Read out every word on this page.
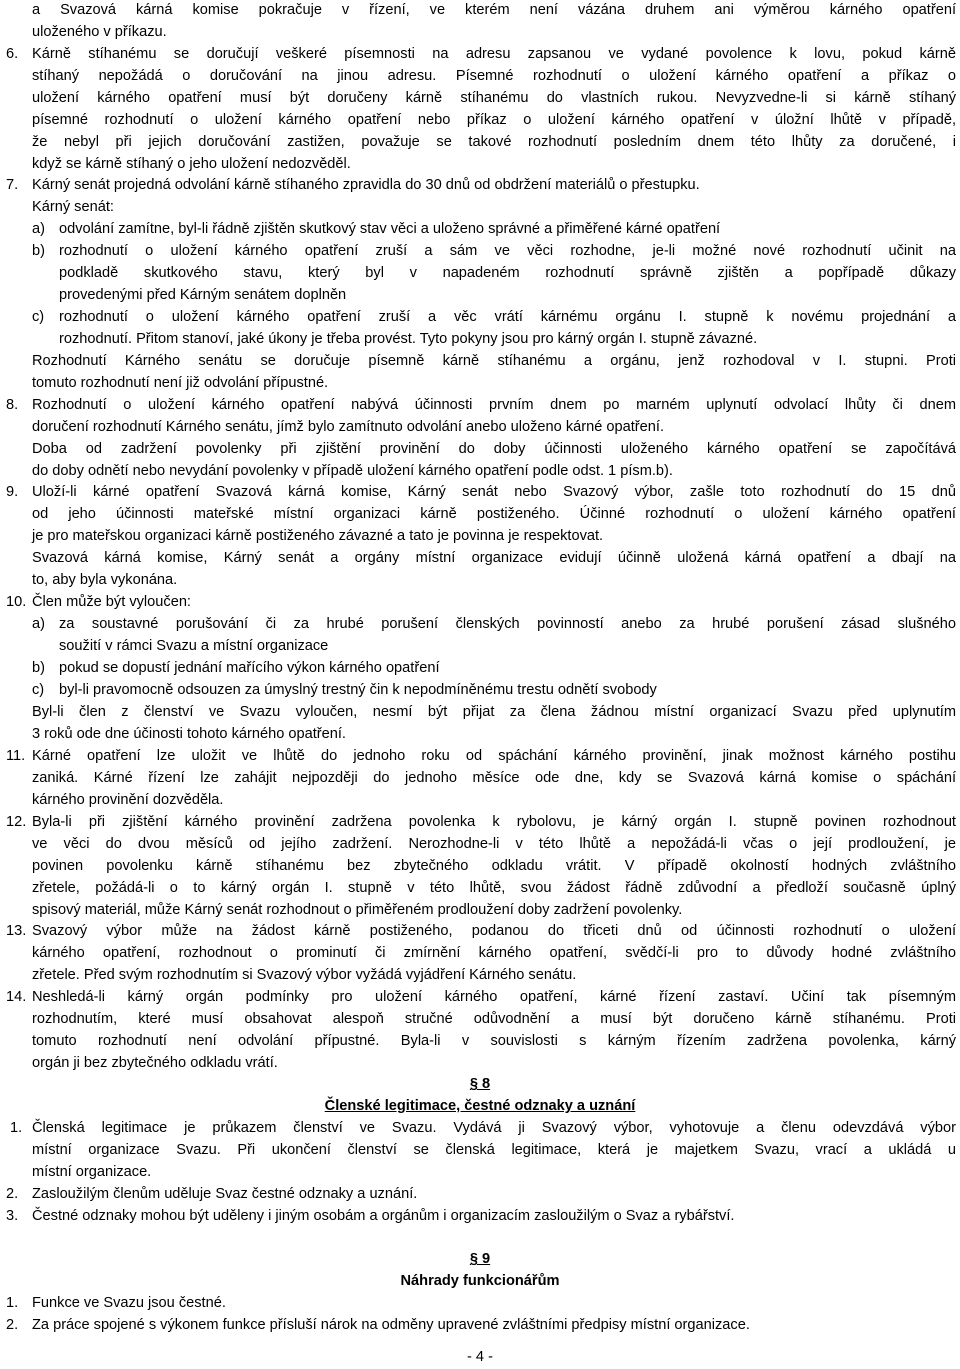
a Svazová kárná komise pokračuje v řízení, ve kterém není vázána druhem ani výměrou kárného opatření
uloženého v příkazu.
6. Kárně stíhanému se doručují veškeré písemnosti na adresu zapsanou ve vydané povolence k lovu, pokud kárně
stíhaný nepožádá o doručování na jinou adresu. Písemné rozhodnutí o uložení kárného opatření a příkaz o
uložení kárného opatření musí být doručeny kárně stíhanému do vlastních rukou. Nevyzvedne-li si kárně stíhaný
písemné rozhodnutí o uložení kárného opatření nebo příkaz o uložení kárného opatření v úložní lhůtě v případě,
že nebyl při jejich doručování zastižen, považuje se takové rozhodnutí posledním dnem této lhůty za doručené, i
když se kárně stíhaný o jeho uložení nedozvěděl.
7. Kárný senát projedná odvolání kárně stíhaného zpravidla do 30 dnů od obdržení materiálů o přestupku.
Kárný senát:
a) odvolání zamítne, byl-li řádně zjištěn skutkový stav věci a uloženo správné a přiměřené kárné opatření
b) rozhodnutí o uložení kárného opatření zruší a sám ve věci rozhodne, je-li možné nové rozhodnutí učinit na
podkladě skutkového stavu, který byl v napadeném rozhodnutí správně zjištěn a popřípadě důkazy
provedenými před Kárným senátem doplněn
c) rozhodnutí o uložení kárného opatření zruší a věc vrátí kárnému orgánu I. stupně k novému projednání a
rozhodnutí. Přitom stanoví, jaké úkony je třeba provést. Tyto pokyny jsou pro kárný orgán I. stupně závazné.
Rozhodnutí Kárného senátu se doručuje písemně kárně stíhanému a orgánu, jenž rozhodoval v I. stupni. Proti
tomuto rozhodnutí není již odvolání přípustné.
8. Rozhodnutí o uložení kárného opatření nabývá účinnosti prvním dnem po marném uplynutí odvolací lhůty či dnem
doručení rozhodnutí Kárného senátu, jímž bylo zamítnuto odvolání anebo uloženo kárné opatření.
Doba od zadržení povolenky při zjištění provinění do doby účinnosti uloženého kárného opatření se započítává
do doby odnětí nebo nevydání povolenky v případě uložení kárného opatření podle odst. 1 písm.b).
9. Uloží-li kárné opatření Svazová kárná komise, Kárný senát nebo Svazový výbor, zašle toto rozhodnutí do 15 dnů
od jeho účinnosti mateřské místní organizaci kárně postiženého. Účinné rozhodnutí o uložení kárného opatření
je pro mateřskou organizaci kárně postiženého závazné a tato je povinna je respektovat.
Svazová kárná komise, Kárný senát a orgány místní organizace evidují účinně uložená kárná opatření a dbají na
to, aby byla vykonána.
10. Člen může být vyloučen:
a) za soustavné porušování či za hrubé porušení členských povinností anebo za hrubé porušení zásad slušného
soužití v rámci Svazu a místní organizace
b) pokud se dopustí jednání mařícího výkon kárného opatření
c) byl-li pravomocně odsouzen za úmyslný trestný čin k nepodmíněnému trestu odnětí svobody
Byl-li člen z členství ve Svazu vyloučen, nesmí být přijat za člena žádnou místní organizací Svazu před uplynutím
3 roků ode dne účinosti tohoto kárného opatření.
11. Kárné opatření lze uložit ve lhůtě do jednoho roku od spáchání kárného provinění, jinak možnost kárného postihu
zaniká. Kárné řízení lze zahájit nejpozději do jednoho měsíce ode dne, kdy se Svazová kárná komise o spáchání
kárného provinění dozvěděla.
12. Byla-li při zjištění kárného provinění zadržena povolenka k rybolovu, je kárný orgán I. stupně povinen rozhodnout
ve věci do dvou měsíců od jejího zadržení. Nerozhodne-li v této lhůtě a nepožádá-li včas o její prodloužení, je
povinen povolenku kárně stíhanému bez zbytečného odkladu vrátit. V případě okolností hodných zvláštního
zřetele, požádá-li o to kárný orgán I. stupně v této lhůtě, svou žádost řádně zdůvodní a předloží současně úplný
spisový materiál, může Kárný senát rozhodnout o přiměřeném prodloužení doby zadržení povolenky.
13. Svazový výbor může na žádost kárně postiženého, podanou do třiceti dnů od účinnosti rozhodnutí o uložení
kárného opatření, rozhodnout o prominutí či zmírnění kárného opatření, svědčí-li pro to důvody hodné zvláštního
zřetele. Před svým rozhodnutím si Svazový výbor vyžádá vyjádření Kárného senátu.
14. Neshledá-li kárný orgán podmínky pro uložení kárného opatření, kárné řízení zastaví. Učiní tak písemným
rozhodnutím, které musí obsahovat alespoň stručné odůvodnění a musí být doručeno kárně stíhanému. Proti
tomuto rozhodnutí není odvolání přípustné. Byla-li v souvislosti s kárným řízením zadržena povolenka, kárný
orgán ji bez zbytečného odkladu vrátí.
§ 8
Členské legitimace, čestné odznaky a uznání
1. Členská legitimace je průkazem členství ve Svazu. Vydává ji Svazový výbor, vyhotovuje a členu odevzdává výbor
místní organizace Svazu. Při ukončení členství se členská legitimace, která je majetkem Svazu, vrací a ukládá u
místní organizace.
2. Zasloužilým členům uděluje Svaz čestné odznaky a uznání.
3. Čestné odznaky mohou být uděleny i jiným osobám a orgánům i organizacím zasloužilým o Svaz a rybářství.
§ 9
Náhrady funkcionářům
1. Funkce ve Svazu jsou čestné.
2. Za práce spojené s výkonem funkce přísluší nárok na odměny upravené zvláštními předpisy místní organizace.
- 4 -
